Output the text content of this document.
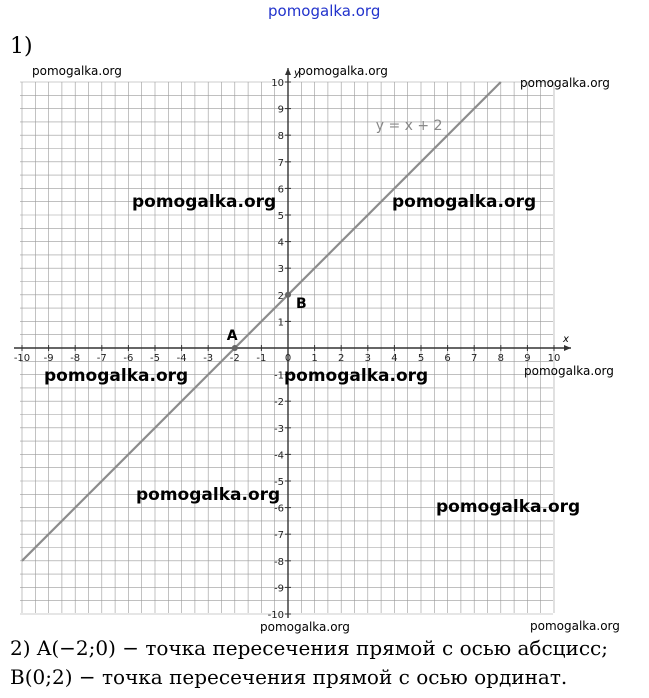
pomogalka.org
1)
x
y
-10 -9 -8 -7 -6 -5 -4 -3 -2 -1 0 1 2 3 4 5 6 7 8 9 10
-10
-9
-8
-7
-6
-5
-4
-3
-2
-1
1
2
3
4
5
6
7
8
9
10
y = x + 2
A
B
pomogalka.org	pomogalka.org
pomogalka.org
pomogalka.org	pomogalka.org
pomogalka.org	pomogalka.org	pomogalka.org
pomogalka.org
pomogalka.org
pomogalka.org	pomogalka.org
2) A(−2;0) − точка пересечения прямой с осью абсцисс;
B(0;2) − точка пересечения прямой с осью ординат.
